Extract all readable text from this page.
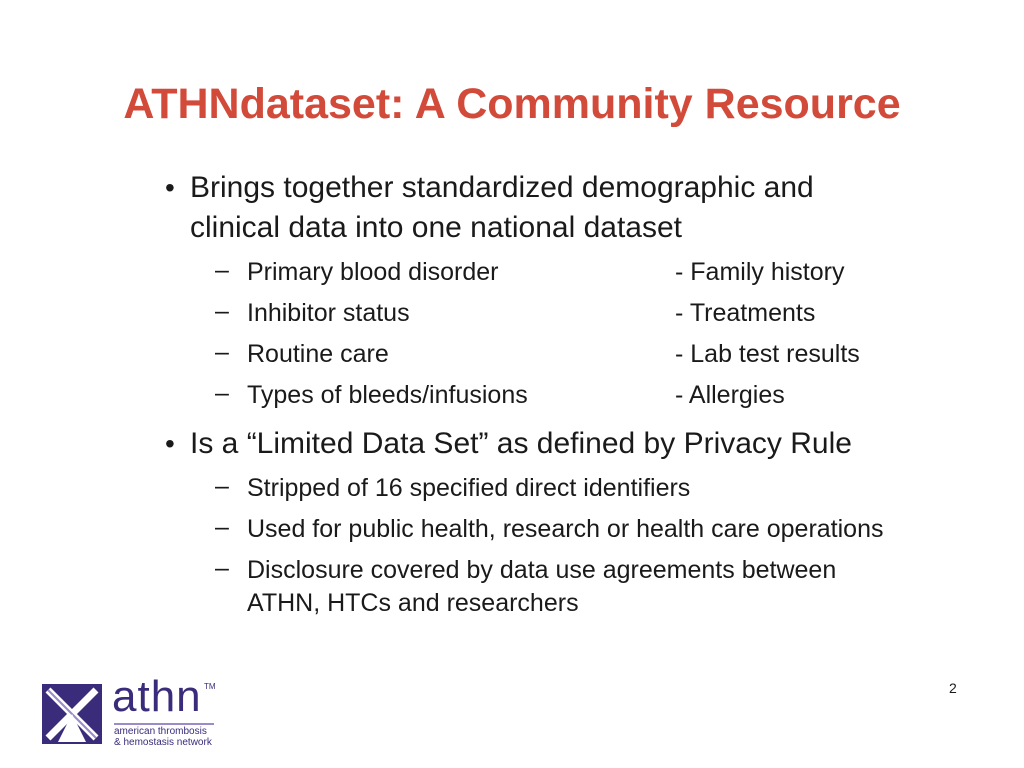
ATHNdataset: A Community Resource
• Brings together standardized demographic and
clinical data into one national dataset
– Primary blood disorder	- Family history
– Inhibitor status	- Treatments
– Routine care	- Lab test results
– Types of bleeds/infusions	- Allergies
• Is a “Limited Data Set” as defined by Privacy Rule
– Stripped of 16 specified direct identifiers
– Used for public health, research or health care operations
– Disclosure covered by data use agreements between
ATHN, HTCs and researchers
2
athn TM
american thrombosis
& hemostasis network
